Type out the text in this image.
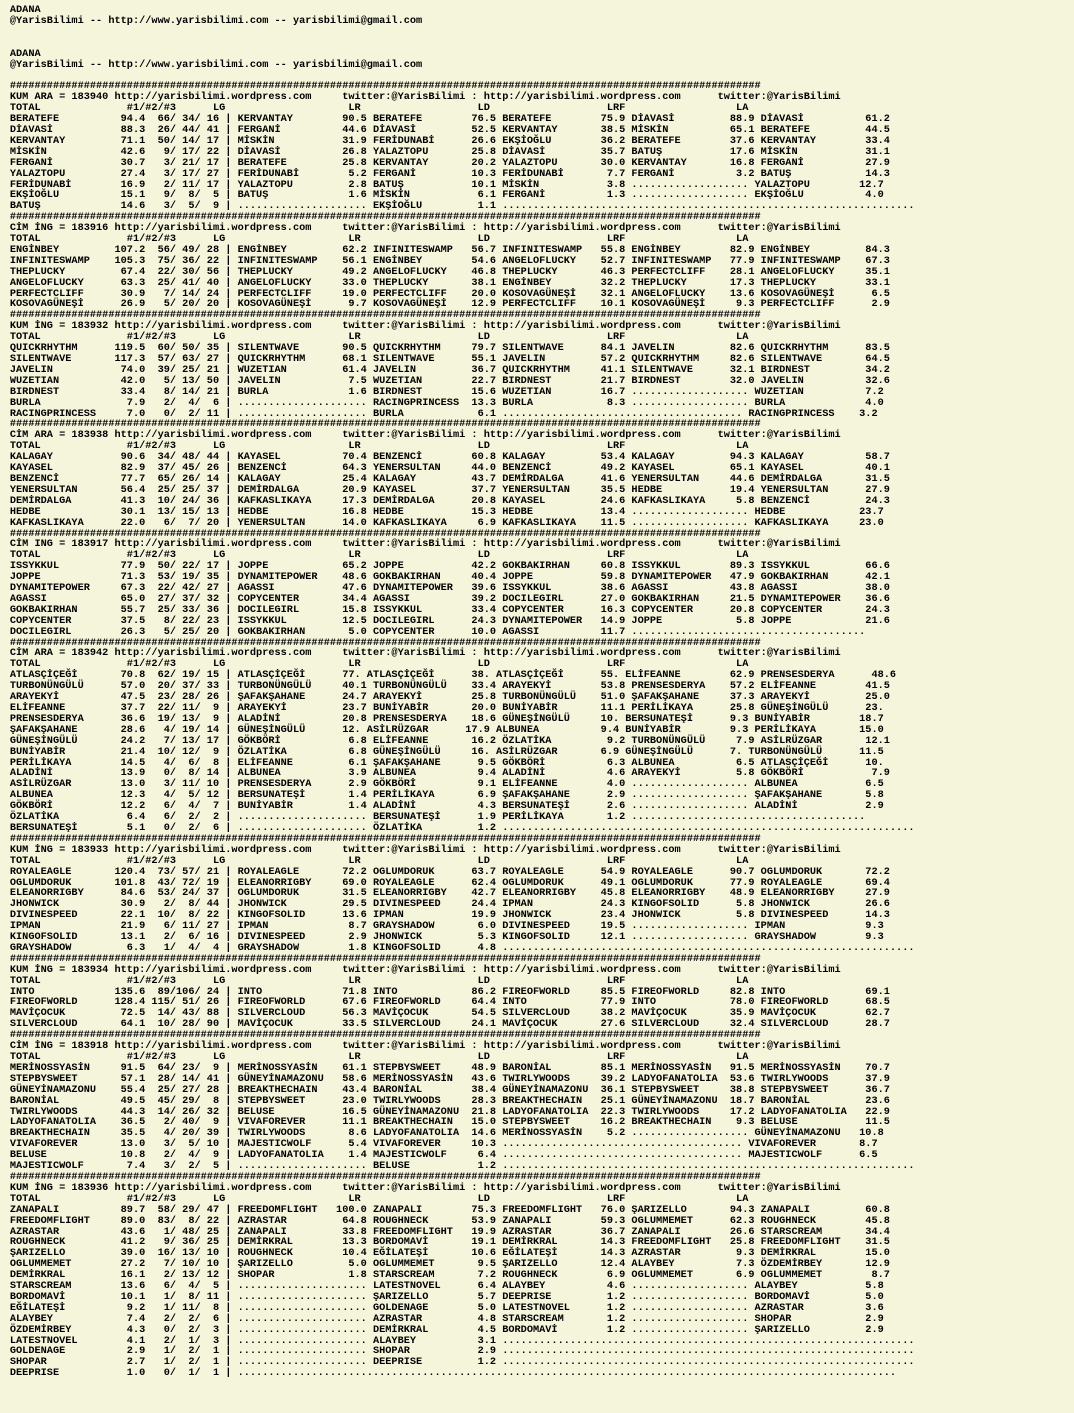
ADANA
@YarisBilimi -- http://www.yarisbilimi.com -- yarisbilimi@gmail.com

ADANA
@YarisBilimi -- http://www.yarisbilimi.com -- yarisbilimi@gmail.com

##########################################################################################################################
KUM ARA = 183940 http://yarisbilimi.wordpress.com     twitter:@YarisBilimi : http://yarisbilimi.wordpress.com      twitter:@YarisBilimi
TOTAL              #1/#2/#3      LG                    LR                   LD                   LRF                  LA
BERATEFE          94.4  66/ 34/ 16 | KERVANTAY        90.5 BERATEFE        76.5 BERATEFE        75.9 DİAVASİ         88.9 DİAVASİ          61.2
DİAVASİ           88.3  26/ 44/ 41 | FERGANİ          44.6 DİAVASİ         52.5 KERVANTAY       38.5 MİSKİN          65.1 BERATEFE         44.5
KERVANTAY         71.1  50/ 14/ 17 | MİSKİN           31.9 FERİDUNABİ      26.6 EKŞİOĞLU        36.2 BERATEFE        37.6 KERVANTAY        33.4
MİSKİN            42.6   9/ 17/ 22 | DİAVASİ          26.8 YALAZTOPU       25.8 DİAVASİ         35.7 BATUŞ           17.6 MİSKİN           31.1
FERGANİ           30.7   3/ 21/ 17 | BERATEFE         25.8 KERVANTAY       20.2 YALAZTOPU       30.0 KERVANTAY       16.8 FERGANİ          27.9
YALAZTOPU         27.4   3/ 17/ 27 | FERİDUNABİ        5.2 FERGANİ         10.3 FERİDUNABİ       7.7 FERGANİ          3.2 BATUŞ            14.3
FERİDUNABİ        16.9   2/ 11/ 17 | YALAZTOPU         2.8 BATUŞ           10.1 MİSKİN           3.8 ................... YALAZTOPU        12.7
EKŞİOĞLU          15.1   9/  8/  5 | BATUŞ             1.6 MİSKİN           6.1 FERGANİ          1.3 ................... EKŞİOĞLU          4.0
BATUŞ             14.6   3/  5/  9 | ..................... EKŞİOĞLU         1.1 ...................................................................
##########################################################################################################################
CİM İNG = 183916 http://yarisbilimi.wordpress.com     twitter:@YarisBilimi : http://yarisbilimi.wordpress.com      twitter:@YarisBilimi
TOTAL              #1/#2/#3      LG                    LR                   LD                   LRF                  LA
ENGİNBEY         107.2  56/ 49/ 28 | ENGİNBEY         62.2 INFINITESWAMP   56.7 INFINITESWAMP   55.8 ENGİNBEY        82.9 ENGİNBEY         84.3
INFINITESWAMP    105.3  75/ 36/ 22 | INFINITESWAMP    56.1 ENGİNBEY        54.6 ANGELOFLUCKY    52.7 INFINITESWAMP   77.9 INFINITESWAMP    67.3
THEPLUCKY         67.4  22/ 30/ 56 | THEPLUCKY        49.2 ANGELOFLUCKY    46.8 THEPLUCKY       46.3 PERFECTCLIFF    28.1 ANGELOFLUCKY     35.1
ANGELOFLUCKY      63.3  25/ 41/ 40 | ANGELOFLUCKY     33.0 THEPLUCKY       38.1 ENGİNBEY        32.2 THEPLUCKY       17.3 THEPLUCKY        33.1
PERFECTCLIFF      30.9   7/ 14/ 24 | PERFECTCLIFF     19.0 PERFECTCLIFF    20.0 KOSOVAGÜNEŞİ    32.1 ANGELOFLUCKY    13.6 KOSOVAGÜNEŞİ      6.5
KOSOVAGÜNEŞİ      26.9   5/ 20/ 20 | KOSOVAGÜNEŞİ      9.7 KOSOVAGÜNEŞİ    12.9 PERFECTCLIFF    10.1 KOSOVAGÜNEŞİ     9.3 PERFECTCLIFF      2.9
##########################################################################################################################
KUM İNG = 183932 http://yarisbilimi.wordpress.com     twitter:@YarisBilimi : http://yarisbilimi.wordpress.com      twitter:@YarisBilimi
TOTAL              #1/#2/#3      LG                    LR                   LD                   LRF                  LA
QUICKRHYTHM      119.5  60/ 50/ 35 | SILENTWAVE       90.5 QUICKRHYTHM     79.7 SILENTWAVE      84.1 JAVELIN         82.6 QUICKRHYTHM      83.5
SILENTWAVE       117.3  57/ 63/ 27 | QUICKRHYTHM      68.1 SILENTWAVE      55.1 JAVELIN         57.2 QUICKRHYTHM     82.6 SILENTWAVE       64.5
JAVELIN           74.0  39/ 25/ 21 | WUZETIAN         61.4 JAVELIN         36.7 QUICKRHYTHM     41.1 SILENTWAVE      32.1 BIRDNEST         34.2
WUZETIAN          42.0   5/ 13/ 50 | JAVELIN           7.5 WUZETIAN        22.7 BIRDNEST        21.7 BIRDNEST        32.0 JAVELIN          32.6
BIRDNEST          33.4   8/ 14/ 21 | BURLA             1.6 BIRDNEST        15.6 WUZETIAN        16.7 ................... WUZETIAN          7.2
BURLA              7.9   2/  4/  6 | ..................... RACINGPRINCESS  13.3 BURLA            8.3 ................... BURLA             4.0
RACINGPRINCESS     7.0   0/  2/ 11 | ..................... BURLA            6.1 ....................................... RACINGPRINCESS    3.2
##########################################################################################################################
CİM ARA = 183938 http://yarisbilimi.wordpress.com     twitter:@YarisBilimi : http://yarisbilimi.wordpress.com      twitter:@YarisBilimi
TOTAL              #1/#2/#3      LG                    LR                   LD                   LRF                  LA
KALAGAY           90.6  34/ 48/ 44 | KAYASEL          70.4 BENZENCİ        60.8 KALAGAY         53.4 KALAGAY         94.3 KALAGAY          58.7
KAYASEL           82.9  37/ 45/ 26 | BENZENCİ         64.3 YENERSULTAN     44.0 BENZENCİ        49.2 KAYASEL         65.1 KAYASEL          40.1
BENZENCİ          77.7  65/ 26/ 14 | KALAGAY          25.4 KALAGAY         43.7 DEMİRDALGA      41.6 YENERSULTAN     44.6 DEMİRDALGA       31.5
YENERSULTAN       56.4  25/ 25/ 37 | DEMİRDALGA       20.9 KAYASEL         37.7 YENERSULTAN     35.5 HEDBE           19.4 YENERSULTAN      27.9
DEMİRDALGA        41.3  10/ 24/ 36 | KAFKASLIKAYA     17.3 DEMİRDALGA      20.8 KAYASEL         24.6 KAFKASLIKAYA     5.8 BENZENCİ         24.3
HEDBE             30.1  13/ 15/ 13 | HEDBE            16.8 HEDBE           15.3 HEDBE           13.4 ................... HEDBE            23.7
KAFKASLIKAYA      22.0   6/  7/ 20 | YENERSULTAN      14.0 KAFKASLIKAYA     6.9 KAFKASLIKAYA    11.5 ................... KAFKASLIKAYA     23.0
##########################################################################################################################
CİM ING = 183917 http://yarisbilimi.wordpress.com     twitter:@YarisBilimi : http://yarisbilimi.wordpress.com      twitter:@YarisBilimi
TOTAL              #1/#2/#3      LG                    LR                   LD                   LRF                  LA
ISSYKKUL          77.9  50/ 22/ 17 | JOPPE            65.2 JOPPE           42.2 GOKBAKIRHAN     60.8 ISSYKKUL        89.3 ISSYKKUL         66.6
JOPPE             71.3  53/ 19/ 35 | DYNAMITEPOWER    48.6 GOKBAKIRHAN     40.4 JOPPE           59.8 DYNAMITEPOWER   47.9 GOKBAKIRHAN      42.1
DYNAMITEPOWER     67.3  22/ 42/ 27 | AGASSI           47.6 DYNAMITEPOWER   39.6 ISSYKKUL        38.6 AGASSI          43.8 AGASSI           38.0
AGASSI            65.0  27/ 37/ 32 | COPYCENTER       34.4 AGASSI          39.2 DOCILEGIRL      27.0 GOKBAKIRHAN     21.5 DYNAMITEPOWER    36.6
GOKBAKIRHAN       55.7  25/ 33/ 36 | DOCILEGIRL       15.8 ISSYKKUL        33.4 COPYCENTER      16.3 COPYCENTER      20.8 COPYCENTER       24.3
COPYCENTER        37.5   8/ 22/ 23 | ISSYKKUL         12.5 DOCILEGIRL      24.3 DYNAMITEPOWER   14.9 JOPPE            5.8 JOPPE            21.6
DOCILEGIRL        26.3   5/ 25/ 20 | GOKBAKIRHAN       5.0 COPYCENTER      10.0 AGASSI          11.7 ......................................
##########################################################################################################################
CİM ARA = 183942 http://yarisbilimi.wordpress.com     twitter:@YarisBilimi : http://yarisbilimi.wordpress.com      twitter:@YarisBilimi
TOTAL              #1/#2/#3      LG                    LR                   LD                   LRF                  LA
ATLASÇİÇEĞİ       70.8  62/ 19/ 15 | ATLASÇİÇEĞİ      77. ATLASÇİÇEĞİ      38. ATLASÇİÇEĞİ      55. ELİFEANNE        62.9 PRENSESDERYA      48.6
TURBONÜNGÜLÜ      57.0  20/ 37/ 33 | TURBONÜNGÜLÜ     40.1 TURBONÜNGÜLÜ    33.4 ARAYEKYİ        53.8 PRENSESDERYA    57.2 ELİFEANNE        41.5
ARAYEKYİ          47.5  23/ 28/ 26 | ŞAFAKŞAHANE      24.7 ARAYEKYİ        25.8 TURBONÜNGÜLÜ    51.0 ŞAFAKŞAHANE     37.3 ARAYEKYİ         25.0
ELİFEANNE         37.7  22/ 11/  9 | ARAYEKYİ         23.7 BUNİYABİR       20.0 BUNİYABİR       11.1 PERİLİKAYA      25.8 GÜNEŞİNGÜLÜ      23.
PRENSESDERYA      36.6  19/ 13/  9 | ALADİNİ          20.8 PRENSESDERYA    18.6 GÜNEŞİNGÜLÜ     10. BERSUNATEŞİ      9.3 BUNİYABİR        18.7
ŞAFAKŞAHANE       28.6   4/ 19/ 14 | GÜNEŞİNGÜLÜ      12. ASİLRÜZGAR      17.9 ALBUNEA          9.4 BUNİYABİR        9.3 PERİLİKAYA       15.0
GÜNEŞİNGÜLÜ       24.2   7/ 13/ 17 | GÖKBÖRİ           6.8 ELİFEANNE       16.2 ÖZLATİKA         9.2 TURBONÜNGÜLÜ     7.9 ASİLRÜZGAR       12.1
BUNİYABİR         21.4  10/ 12/  9 | ÖZLATİKA          6.8 GÜNEŞİNGÜLÜ     16. ASİLRÜZGAR       6.9 GÜNEŞİNGÜLÜ      7. TURBONÜNGÜLÜ      11.5
PERİLİKAYA        14.5   4/  6/  8 | ELİFEANNE         6.1 ŞAFAKŞAHANE      9.5 GÖKBÖRİ          6.3 ALBUNEA          6.5 ATLASÇİÇEĞİ      10.
ALADİNİ           13.9   0/  8/ 14 | ALBUNEA           3.9 ALBUNEA          9.4 ALADİNİ          4.6 ARAYEKYİ         5.8 GÖKBÖRİ           7.9
ASİLRÜZGAR        13.0   3/ 11/ 10 | PRENSESDERYA      2.9 GÖKBÖRİ          9.1 ELİFEANNE        4.0 ................... ALBUNEA           6.5
ALBUNEA           12.3   4/  5/ 12 | BERSUNATEŞİ       1.4 PERİLİKAYA       6.9 ŞAFAKŞAHANE      2.9 ................... ŞAFAKŞAHANE       5.8
GÖKBÖRİ           12.2   6/  4/  7 | BUNİYABİR         1.4 ALADİNİ          4.3 BERSUNATEŞİ      2.6 ................... ALADİNİ           2.9
ÖZLATİKA           6.4   6/  2/  2 | ..................... BERSUNATEŞİ      1.9 PERİLİKAYA       1.2 ......................................
BERSUNATEŞİ        5.1   0/  2/  6 | ..................... ÖZLATİKA         1.2 ...................................................................
##########################################################################################################################
KUM İNG = 183933 http://yarisbilimi.wordpress.com     twitter:@YarisBilimi : http://yarisbilimi.wordpress.com      twitter:@YarisBilimi
TOTAL              #1/#2/#3      LG                    LR                   LD                   LRF                  LA
ROYALEAGLE       120.4  73/ 57/ 21 | ROYALEAGLE       72.2 OGLUMDORUK      63.7 ROYALEAGLE      54.9 ROYALEAGLE      90.7 OGLUMDORUK       72.2
OGLUMDORUK       101.8  43/ 72/ 19 | ELEANORRIGBY     69.0 ROYALEAGLE      62.4 OGLUMDORUK      49.1 OGLUMDORUK      77.9 ROYALEAGLE       69.4
ELEANORRIGBY      84.6  53/ 24/ 37 | OGLUMDORUK       31.5 ELEANORRIGBY    42.7 ELEANORRIGBY    45.8 ELEANORRIGBY    48.9 ELEANORRIGBY     27.9
JHONWICK          30.9   2/  8/ 44 | JHONWICK         29.5 DIVINESPEED     24.4 IPMAN           24.3 KINGOFSOLID      5.8 JHONWICK         26.6
DIVINESPEED       22.1  10/  8/ 22 | KINGOFSOLID      13.6 IPMAN           19.9 JHONWICK        23.4 JHONWICK         5.8 DIVINESPEED      14.3
IPMAN             21.9   6/ 11/ 27 | IPMAN             8.7 GRAYSHADOW       6.0 DIVINESPEED     19.5 ................... IPMAN             9.3
KINGOFSOLID       13.1   2/  6/ 16 | DIVINESPEED       2.9 JHONWICK         5.3 KINGOFSOLID     12.1 ................... GRAYSHADOW        9.3
GRAYSHADOW         6.3   1/  4/  4 | GRAYSHADOW        1.8 KINGOFSOLID      4.8 ...................................................................
##########################################################################################################################
KUM İNG = 183934 http://yarisbilimi.wordpress.com     twitter:@YarisBilimi : http://yarisbilimi.wordpress.com      twitter:@YarisBilimi
TOTAL              #1/#2/#3      LG                    LR                   LD                   LRF                  LA
INTO             135.6  89/106/ 24 | INTO             71.8 INTO            86.2 FIREOFWORLD     85.5 FIREOFWORLD     82.8 INTO             69.1
FIREOFWORLD      128.4 115/ 51/ 26 | FIREOFWORLD      67.6 FIREOFWORLD     64.4 INTO            77.9 INTO            78.0 FIREOFWORLD      68.5
MAVİÇOCUK         72.5  14/ 43/ 88 | SILVERCLOUD      56.3 MAVİÇOCUK       54.5 SILVERCLOUD     38.2 MAVİÇOCUK       35.9 MAVİÇOCUK        62.7
SILVERCLOUD       64.1  10/ 28/ 90 | MAVİÇOCUK        33.5 SILVERCLOUD     24.1 MAVİÇOCUK       27.6 SILVERCLOUD     32.4 SILVERCLOUD      28.7
##########################################################################################################################
CİM İNG = 183918 http://yarisbilimi.wordpress.com     twitter:@YarisBilimi : http://yarisbilimi.wordpress.com      twitter:@YarisBilimi
TOTAL              #1/#2/#3      LG                    LR                   LD                   LRF                  LA
MERİNOSSYASİN     91.5  64/ 23/  9 | MERİNOSSYASİN    61.1 STEPBYSWEET     48.9 BARONİAL        85.1 MERİNOSSYASİN   91.5 MERİNOSSYASİN    70.7
STEPBYSWEET       57.1  28/ 14/ 41 | GÜNEYİNAMAZONU   58.6 MERİNOSSYASİN   43.6 TWIRLYWOODS     39.2 LADYOFANATOLIA  53.6 TWIRLYWOODS      37.9
GÜNEYİNAMAZONU    55.4  25/ 27/ 28 | BREAKTHECHAIN    43.4 BARONİAL        38.4 GÜNEYİNAMAZONU  36.1 STEPBYSWEET     38.8 STEPBYSWEET      36.7
BARONİAL          49.5  45/ 29/  8 | STEPBYSWEET      23.0 TWIRLYWOODS     28.3 BREAKTHECHAIN   25.1 GÜNEYİNAMAZONU  18.7 BARONİAL         23.6
TWIRLYWOODS       44.3  14/ 26/ 32 | BELUSE           16.5 GÜNEYİNAMAZONU  21.8 LADYOFANATOLIA  22.3 TWIRLYWOODS     17.2 LADYOFANATOLIA   22.9
LADYOFANATOLIA    36.5   2/ 40/  9 | VIVAFOREVER      11.1 BREAKTHECHAIN   15.0 STEPBYSWEET     16.2 BREAKTHECHAIN    9.3 BELUSE           11.5
BREAKTHECHAIN     35.5   4/ 20/ 39 | TWIRLYWOODS       8.6 LADYOFANATOLIA  14.6 MERİNOSSYASİN    5.2 ................... GÜNEYİNAMAZONU   10.8
VIVAFOREVER       13.0   3/  5/ 10 | MAJESTICWOLF      5.4 VIVAFOREVER     10.3 ....................................... VIVAFOREVER       8.7
BELUSE            10.8   2/  4/  9 | LADYOFANATOLIA    1.4 MAJESTICWOLF     6.4 ....................................... MAJESTICWOLF      6.5
MAJESTICWOLF       7.4   3/  2/  5 | ..................... BELUSE           1.2 ...................................................................
##########################################################################################################################
KUM İNG = 183936 http://yarisbilimi.wordpress.com     twitter:@YarisBilimi : http://yarisbilimi.wordpress.com      twitter:@YarisBilimi
TOTAL              #1/#2/#3      LG                    LR                   LD                   LRF                  LA
ZANAPALI          89.7  58/ 29/ 47 | FREEDOMFLIGHT   100.0 ZANAPALI        75.3 FREEDOMFLIGHT   76.0 ŞARIZELLO       94.3 ZANAPALI         60.8
FREEDOMFLIGHT     89.0  83/  8/ 22 | AZRASTAR         64.8 ROUGHNECK       53.9 ZANAPALI        59.3 OGLUMMEMET      62.3 ROUGHNECK        45.8
AZRASTAR          43.6   1/ 48/ 25 | ZANAPALI         33.8 FREEDOMFLIGHT   19.9 AZRASTAR        36.7 ZANAPALI        26.6 STARSCREAM       34.4
ROUGHNECK         41.2   9/ 36/ 25 | DEMİRKRAL        13.3 BORDOMAVİ       19.1 DEMİRKRAL       14.3 FREEDOMFLIGHT   25.8 FREEDOMFLIGHT    31.5
ŞARIZELLO         39.0  16/ 13/ 10 | ROUGHNECK        10.4 EĞİLATEŞİ       10.6 EĞİLATEŞİ       14.3 AZRASTAR         9.3 DEMİRKRAL        15.0
OGLUMMEMET        27.2   7/ 10/ 10 | ŞARIZELLO         5.0 OGLUMMEMET       9.5 ŞARIZELLO       12.4 ALAYBEY          7.3 ÖZDEMİRBEY       12.9
DEMİRKRAL         16.1   2/ 13/ 12 | SHOPAR            1.8 STARSCREAM       7.2 ROUGHNECK        6.9 OGLUMMEMET       6.9 OGLUMMEMET        8.7
STARSCREAM        13.6   6/  4/  5 | ..................... LATESTNOVEL      6.4 ALAYBEY          4.6 ................... ALAYBEY           5.8
BORDOMAVİ         10.1   1/  8/ 11 | ..................... ŞARIZELLO        5.7 DEEPRISE         1.2 ................... BORDOMAVİ         5.0
EĞİLATEŞİ          9.2   1/ 11/  8 | ..................... GOLDENAGE        5.0 LATESTNOVEL      1.2 ................... AZRASTAR          3.6
ALAYBEY            7.4   2/  2/  6 | ..................... AZRASTAR         4.8 STARSCREAM       1.2 ................... SHOPAR            2.9
ÖZDEMİRBEY         4.3   0/  2/  3 | ..................... DEMİRKRAL        4.5 BORDOMAVİ        1.2 ................... ŞARIZELLO         2.9
LATESTNOVEL        4.1   2/  1/  3 | ..................... ALAYBEY          3.1 ...................................................................
GOLDENAGE          2.9   1/  2/  1 | ..................... SHOPAR           2.9 ...................................................................
SHOPAR             2.7   1/  2/  1 | ..................... DEEPRISE         1.2 ...................................................................
DEEPRISE           1.0   0/  1/  1 | ...........................................................................................................
